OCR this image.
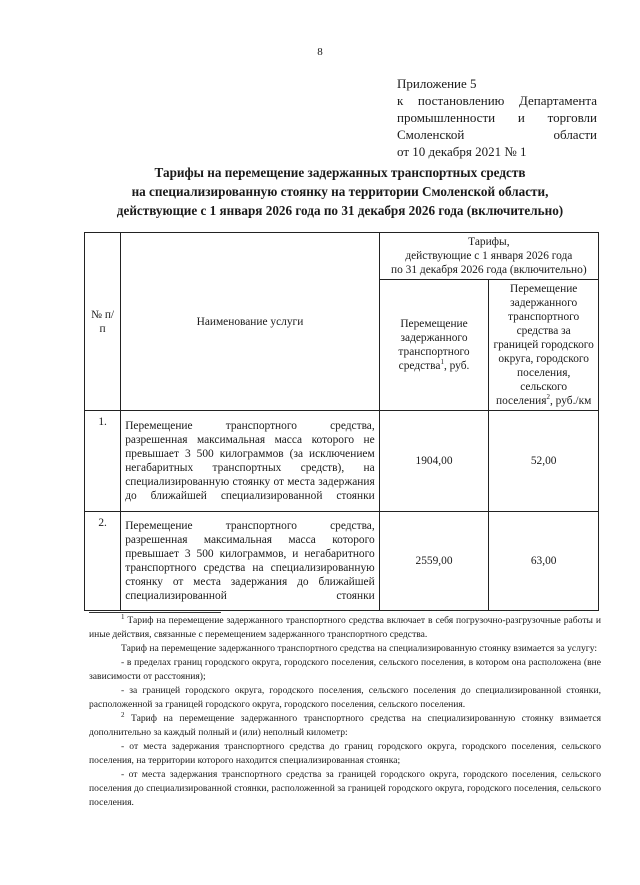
8
Приложение 5
к постановлению Департамента
промышленности и торговли
Смоленской	области
от 10 декабря 2021 № 1
Тарифы на перемещение задержанных транспортных средств
на специализированную стоянку на территории Смоленской области,
действующие с 1 января 2026 года по 31 декабря 2026 года (включительно)
№ п/п	Наименование услуги	Тарифы,
действующие с 1 января 2026 года
по 31 декабря 2026 года (включительно)	

		Перемещение задержанного транспортного средства$^1$, руб.	Перемещение задержанного транспортного средства за границей городского округа, городского поселения, сельского поселения$^2$, руб./км
1.	Перемещение транспортного средства, разрешенная максимальная масса которого не превышает 3 500 килограммов (за исключением негабаритных транспортных средств), на специализированную стоянку от места задержания до ближайшей специализированной стоянки	1904,00	52,00
2.	Перемещение транспортного средства, разрешенная максимальная масса которого превышает 3 500 килограммов, и негабаритного транспортного средства на специализированную стоянку от места задержания до ближайшей специализированной стоянки	2559,00	63,00

$^1$ Тариф на перемещение задержанного транспортного средства включает в себя погрузочно-разгрузочные работы и иные действия, связанные с перемещением задержанного транспортного средства.

Тариф на перемещение задержанного транспортного средства на специализированную стоянку взимается за услугу:

- в пределах границ городского округа, городского поселения, сельского поселения, в котором она расположена (вне зависимости от расстояния);

- за границей городского округа, городского поселения, сельского поселения до специализированной стоянки, расположенной за границей городского округа, городского поселения, сельского поселения.

$^2$ Тариф на перемещение задержанного транспортного средства на специализированную стоянку взимается дополнительно за каждый полный и (или) неполный километр:

- от места задержания транспортного средства до границ городского округа, городского поселения, сельского поселения, на территории которого находится специализированная стоянка;

- от места задержания транспортного средства за границей городского округа, городского поселения, сельского поселения до специализированной стоянки, расположенной за границей городского округа, городского поселения, сельского поселения.
